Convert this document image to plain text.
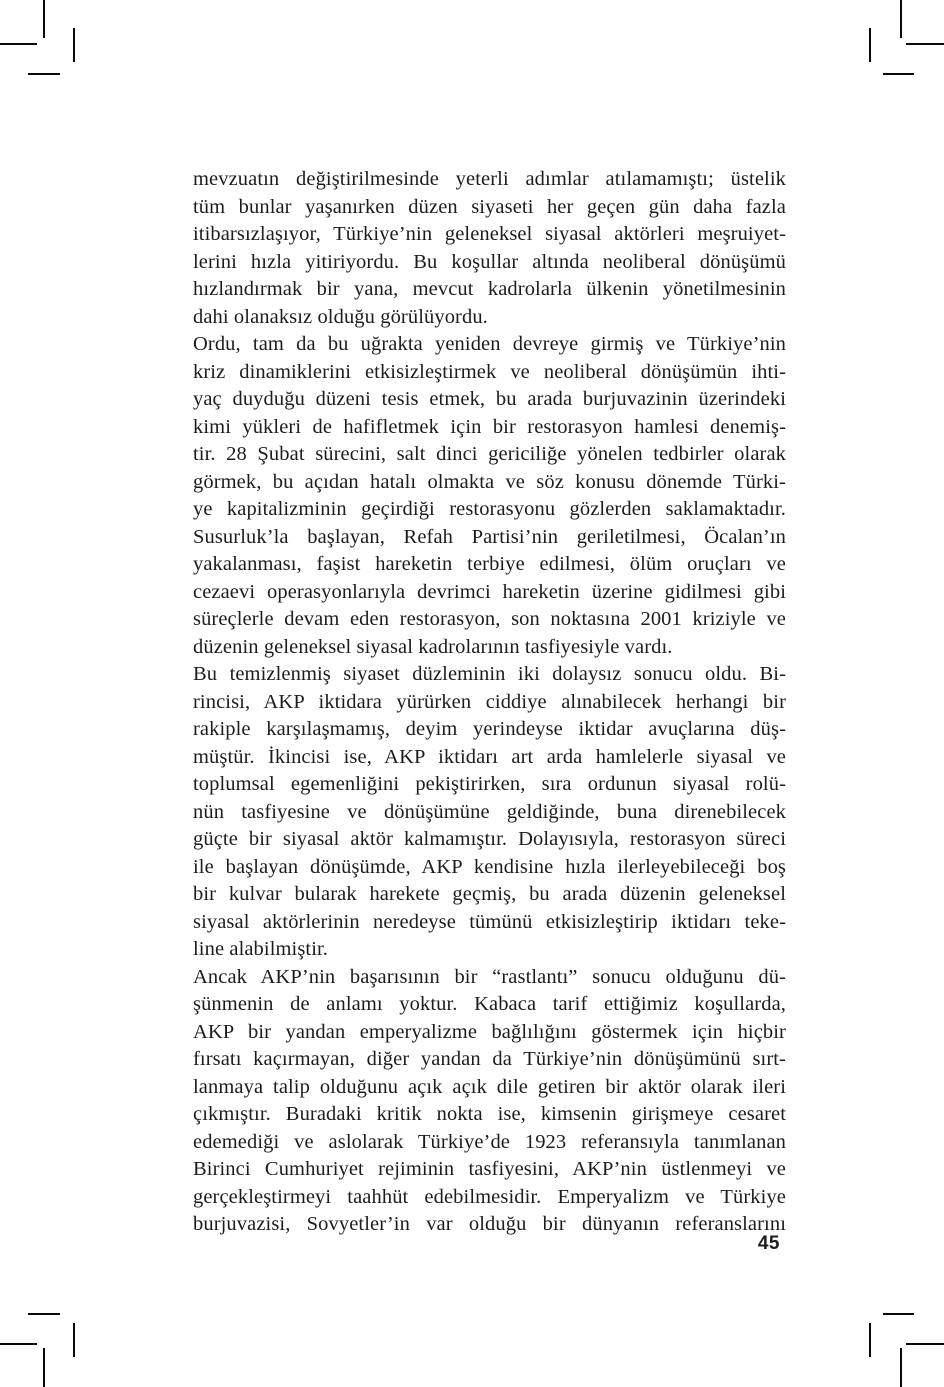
mevzuatın değiştirilmesinde yeterli adımlar atılamamıştı; üstelik
tüm bunlar yaşanırken düzen siyaseti her geçen gün daha fazla
itibarsızlaşıyor, Türkiye’nin geleneksel siyasal aktörleri meşruiyet-
lerini hızla yitiriyordu. Bu koşullar altında neoliberal dönüşümü
hızlandırmak bir yana, mevcut kadrolarla ülkenin yönetilmesinin
dahi olanaksız olduğu görülüyordu.
Ordu, tam da bu uğrakta yeniden devreye girmiş ve Türkiye’nin
kriz dinamiklerini etkisizleştirmek ve neoliberal dönüşümün ihti-
yaç duyduğu düzeni tesis etmek, bu arada burjuvazinin üzerindeki
kimi yükleri de hafifletmek için bir restorasyon hamlesi denemiş-
tir. 28 Şubat sürecini, salt dinci gericiliğe yönelen tedbirler olarak
görmek, bu açıdan hatalı olmakta ve söz konusu dönemde Türki-
ye kapitalizminin geçirdiği restorasyonu gözlerden saklamaktadır.
Susurluk’la başlayan, Refah Partisi’nin geriletilmesi, Öcalan’ın
yakalanması, faşist hareketin terbiye edilmesi, ölüm oruçları ve
cezaevi operasyonlarıyla devrimci hareketin üzerine gidilmesi gibi
süreçlerle devam eden restorasyon, son noktasına 2001 kriziyle ve
düzenin geleneksel siyasal kadrolarının tasfiyesiyle vardı.
Bu temizlenmiş siyaset düzleminin iki dolaysız sonucu oldu. Bi-
rincisi, AKP iktidara yürürken ciddiye alınabilecek herhangi bir
rakiple karşılaşmamış, deyim yerindeyse iktidar avuçlarına düş-
müştür. İkincisi ise, AKP iktidarı art arda hamlelerle siyasal ve
toplumsal egemenliğini pekiştirirken, sıra ordunun siyasal rolü-
nün tasfiyesine ve dönüşümüne geldiğinde, buna direnebilecek
güçte bir siyasal aktör kalmamıştır. Dolayısıyla, restorasyon süreci
ile başlayan dönüşümde, AKP kendisine hızla ilerleyebileceği boş
bir kulvar bularak harekete geçmiş, bu arada düzenin geleneksel
siyasal aktörlerinin neredeyse tümünü etkisizleştirip iktidarı teke-
line alabilmiştir.
Ancak AKP’nin başarısının bir “rastlantı” sonucu olduğunu dü-
şünmenin de anlamı yoktur. Kabaca tarif ettiğimiz koşullarda,
AKP bir yandan emperyalizme bağlılığını göstermek için hiçbir
fırsatı kaçırmayan, diğer yandan da Türkiye’nin dönüşümünü sırt-
lanmaya talip olduğunu açık açık dile getiren bir aktör olarak ileri
çıkmıştır. Buradaki kritik nokta ise, kimsenin girişmeye cesaret
edemediği ve aslolarak Türkiye’de 1923 referansıyla tanımlanan
Birinci Cumhuriyet rejiminin tasfiyesini, AKP’nin üstlenmeyi ve
gerçekleştirmeyi taahhüt edebilmesidir. Emperyalizm ve Türkiye
burjuvazisi, Sovyetler’in var olduğu bir dünyanın referanslarını
45
